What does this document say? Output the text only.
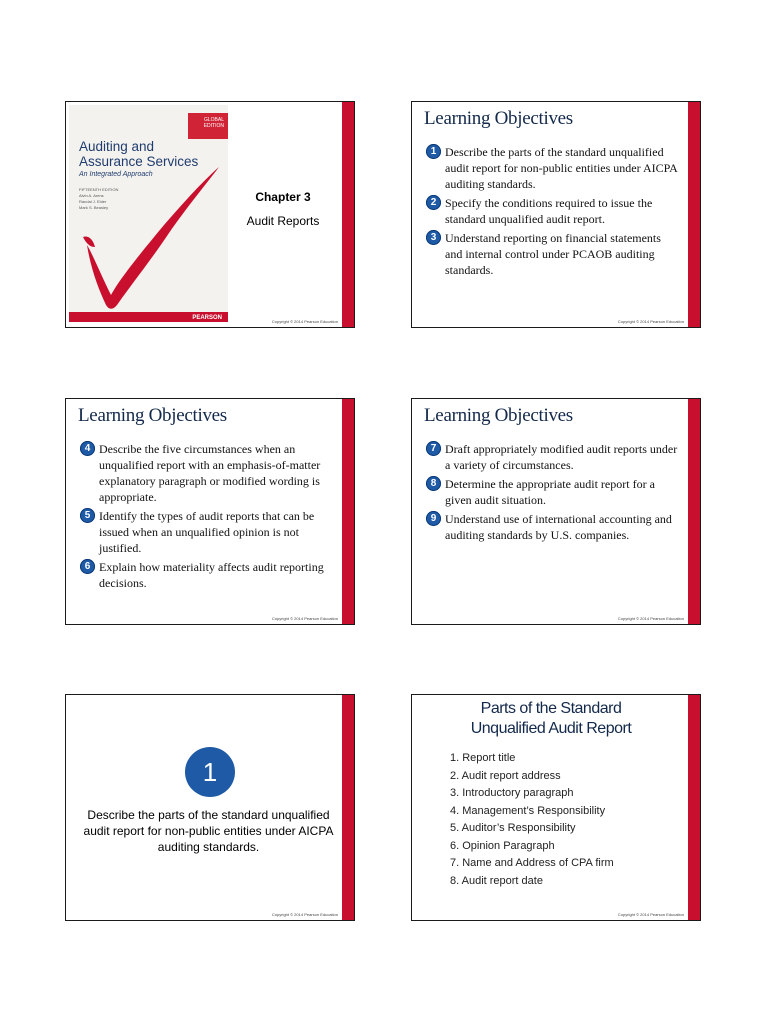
GLOBAL EDITION
Auditing and
Assurance Services
An Integrated Approach
FIFTEENTH EDITION
Alvin A. Arens
Randal J. Elder
Mark S. Beasley
PEARSON
Chapter 3
Audit Reports
Copyright © 2014 Pearson Education
Learning Objectives
1 Describe the parts of the standard unqualified audit report for non-public entities under AICPA auditing standards.
2 Specify the conditions required to issue the standard unqualified audit report.
3 Understand reporting on financial statements and internal control under PCAOB auditing standards.
Copyright © 2014 Pearson Education
Learning Objectives
4 Describe the five circumstances when an unqualified report with an emphasis-of-matter explanatory paragraph or modified wording is appropriate.
5 Identify the types of audit reports that can be issued when an unqualified opinion is not justified.
6 Explain how materiality affects audit reporting decisions.
Copyright © 2014 Pearson Education
Learning Objectives
7 Draft appropriately modified audit reports under a variety of circumstances.
8 Determine the appropriate audit report for a given audit situation.
9 Understand use of international accounting and auditing standards by U.S. companies.
Copyright © 2014 Pearson Education
1
Describe the parts of the standard unqualified audit report for non-public entities under AICPA auditing standards.
Copyright © 2014 Pearson Education
Parts of the Standard
Unqualified Audit Report
1. Report title
2. Audit report address
3. Introductory paragraph
4. Management’s Responsibility
5. Auditor’s Responsibility
6. Opinion Paragraph
7. Name and Address of CPA firm
8. Audit report date
Copyright © 2014 Pearson Education
